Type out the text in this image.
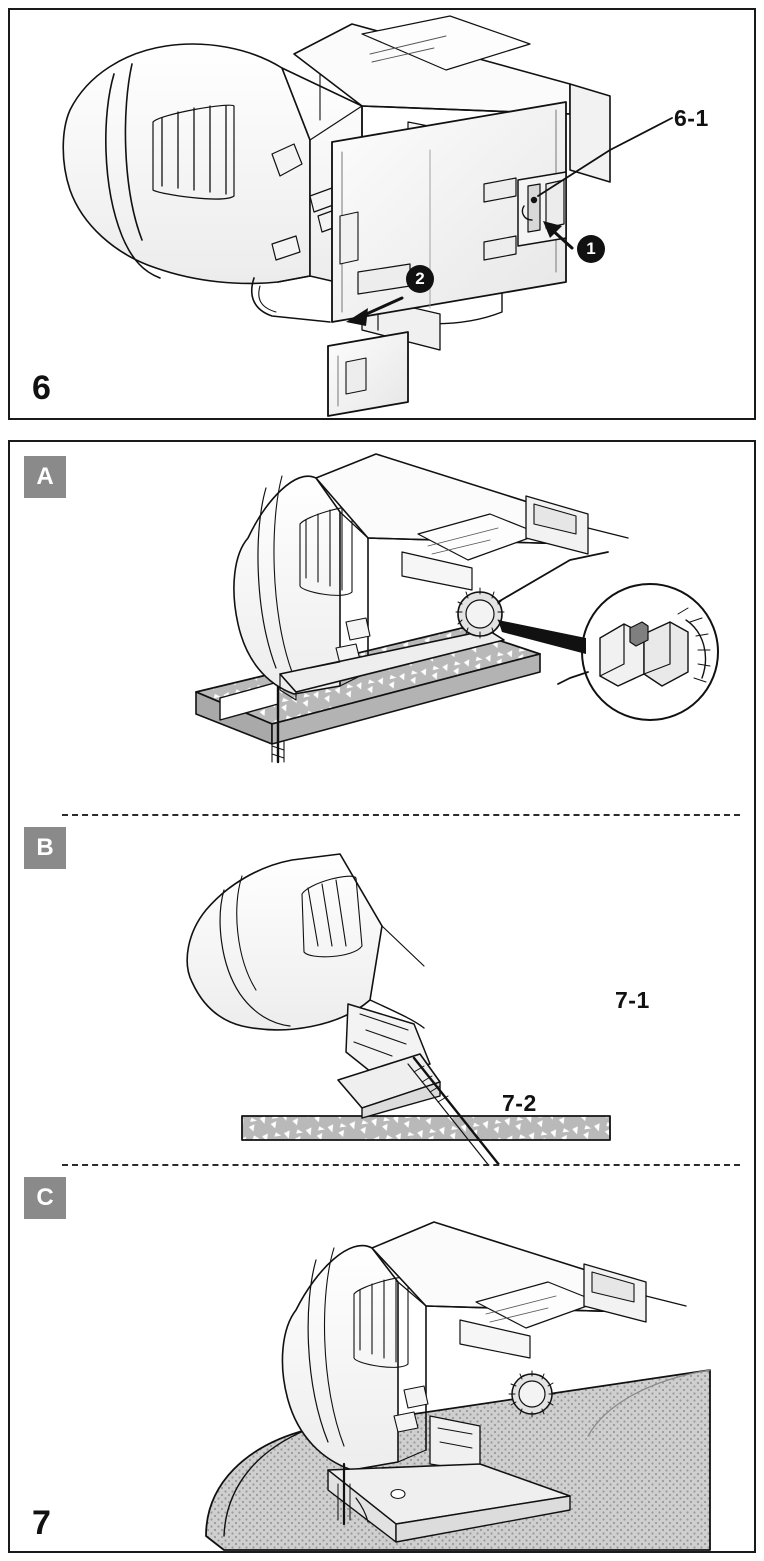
6-1
1
2
6
A
7-1
7-2
B
C
7
